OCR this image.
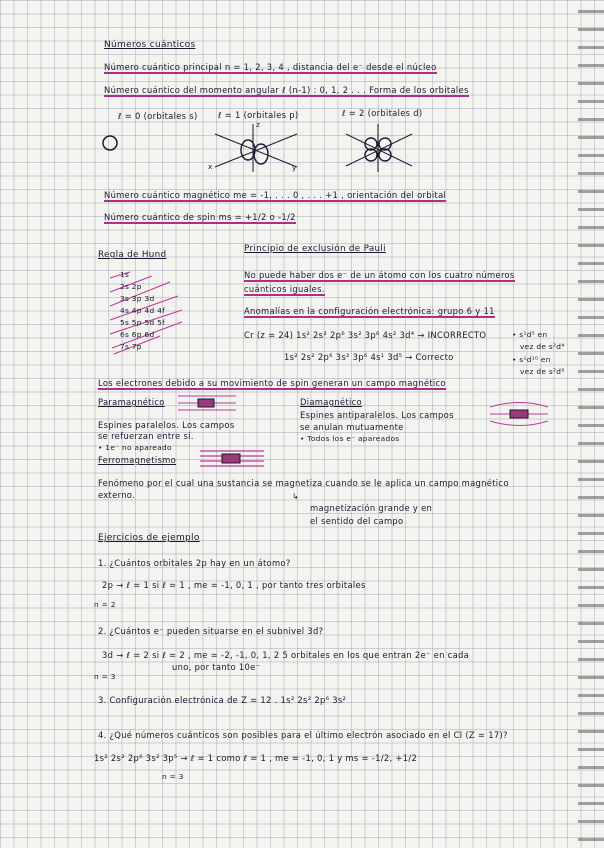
Números cuánticos
Número cuántico principal n = 1, 2, 3, 4 , distancia del e⁻ desde el núcleo
Número cuántico del momento angular ℓ (n-1) : 0, 1, 2 . . . Forma de los orbitales
ℓ = 0 (orbitales s) ℓ = 1 (orbitales p)	ℓ = 2 (orbitales d)
z
x	y
Número cuántico magnético me = -1, . . . 0 , . . . +1 , orientación del orbital
Número cuántico de spin ms = +1/2 o -1/2
Regla de Hund
1s
2s 2p
3s 3p 3d
4s 4p 4d 4f
5s 5p 5d 5f
6s 6p 6d
7s 7p
Principio de exclusión de Pauli
No puede haber dos e⁻ de un átomo con los cuatro números
cuánticos iguales.
Anomalías en la configuración electrónica: grupo 6 y 11
Cr (z = 24) 1s² 2s² 2p⁶ 3s² 3p⁶ 4s² 3d⁴ → INCORRECTO
1s² 2s² 2p⁶ 3s² 3p⁶ 4s¹ 3d⁵ → Correcto
• s¹d⁵ en
vez de s²d⁴
• s¹d¹⁰ en
vez de s²d⁹
Los electrones debido a su movimiento de spin generan un campo magnético
Paramagnético
Espines paralelos. Los campos
se refuerzan entre sí.
• 1e⁻ no apareado
Diamagnético
Espines antiparalelos. Los campos
se anulan mutuamente
• Todos los e⁻ apareados
Ferromagnetismo
Fenómeno por el cual una sustancia se magnetiza cuando se le aplica un campo magnético
externo.	↳
magnetización grande y en
el sentido del campo
Ejercicios de ejemplo
1. ¿Cuántos orbitales 2p hay en un átomo?
2p → ℓ = 1 si ℓ = 1 , me = -1, 0, 1 , por tanto tres orbitales
n = 2
2. ¿Cuántos e⁻ pueden situarse en el subnivel 3d?
3d → ℓ = 2 si ℓ = 2 , me = -2, -1, 0, 1, 2 5 orbitales en los que entran 2e⁻ en cada
uno, por tanto 10e⁻
n = 3
3. Configuración electrónica de Z = 12 . 1s² 2s² 2p⁶ 3s²
4. ¿Qué números cuánticos son posibles para el último electrón asociado en el Cl (Z = 17)?
1s² 2s² 2p⁶ 3s² 3p⁵ → ℓ = 1 como ℓ = 1 , me = -1, 0, 1 y ms = -1/2, +1/2
n = 3
